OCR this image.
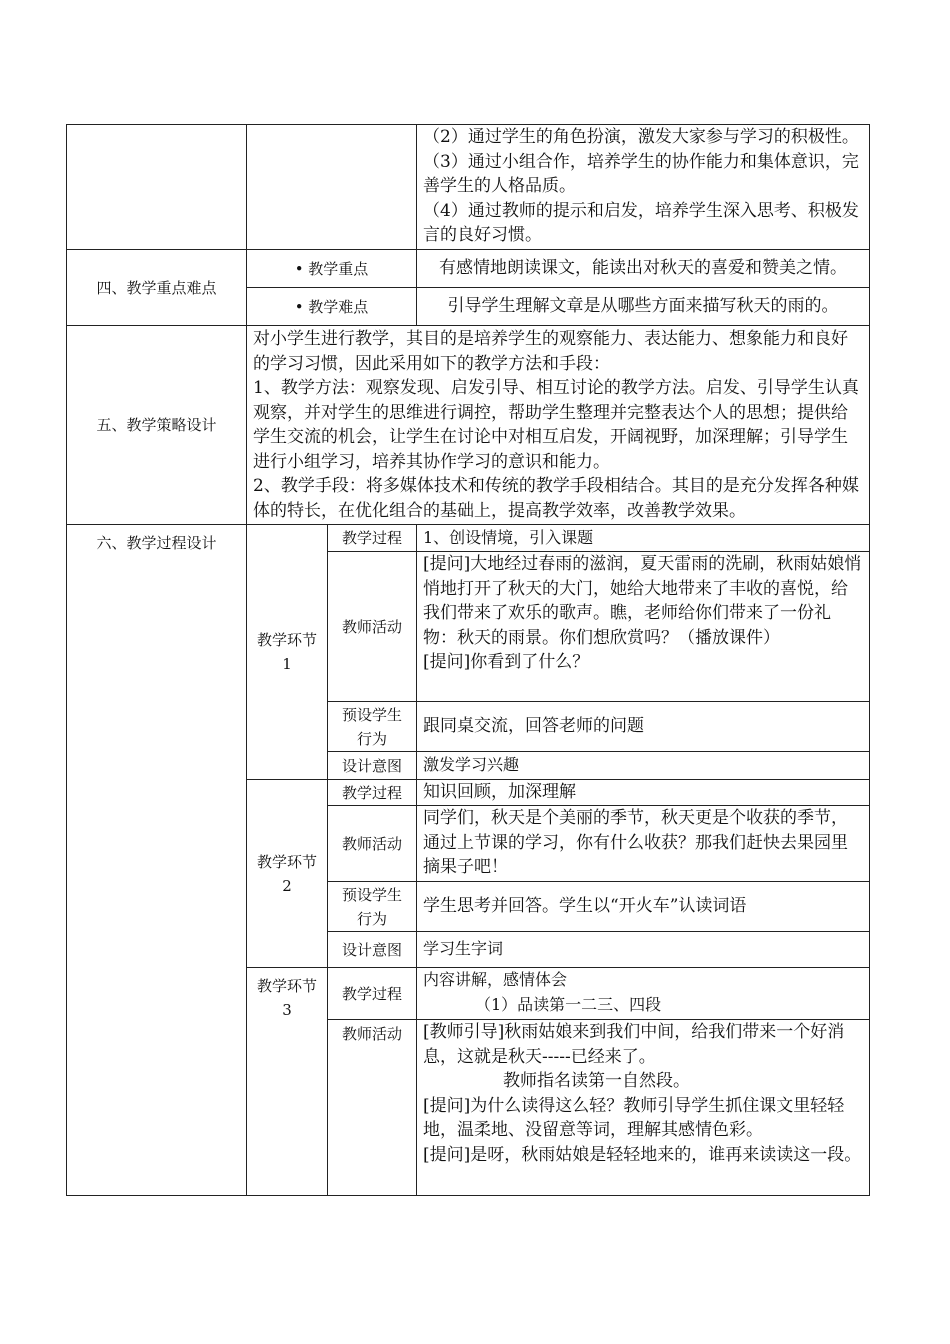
			（2）通过学生的角色扮演，激发大家参与学习的积极性。
（3）通过小组合作，培养学生的协作能力和集体意识，完善学生的人格品质。
（4）通过教师的提示和启发，培养学生深入思考、积极发言的良好习惯。

四、教学重点难点	• 教学重点		有感情地朗读课文，能读出对秋天的喜爱和赞美之情。
	• 教学难点		引导学生理解文章是从哪些方面来描写秋天的雨的。
五、教学策略设计	对小学生进行教学，其目的是培养学生的观察能力、表达能力、想象能力和良好的学习习惯，因此采用如下的教学方法和手段：
1、教学方法：观察发现、启发引导、相互讨论的教学方法。启发、引导学生认真观察，并对学生的思维进行调控，帮助学生整理并完整表达个人的思想；提供给学生交流的机会，让学生在讨论中对相互启发，开阔视野，加深理解；引导学生进行小组学习，培养其协作学习的意识和能力。
2、教学手段：将多媒体技术和传统的教学手段相结合。其目的是充分发挥各种媒体的特长，在优化组合的基础上，提高教学效率，改善教学效果。		

六、教学过程设计	教学环节 1	教学过程	1、创设情境，引入课题
		教师活动	[提问]大地经过春雨的滋润，夏天雷雨的洗刷，秋雨姑娘悄悄地打开了秋天的大门，她给大地带来了丰收的喜悦，给我们带来了欢乐的歌声。瞧，老师给你们带来了一份礼物：秋天的雨景。你们想欣赏吗？（播放课件）
[提问]你看到了什么？

		预设学生行为	跟同桌交流，回答老师的问题
		设计意图	激发学习兴趣
	教学环节 2	教学过程	知识回顾，加深理解
		教师活动	同学们，秋天是个美丽的季节，秋天更是个收获的季节，通过上节课的学习，你有什么收获？那我们赶快去果园里摘果子吧！
		预设学生行为	学生思考并回答。学生以“开火车”认读词语
		设计意图	学习生字词
	教学环节 3	教学过程	内容讲解，感情体会
（1）品读第一二三、四段

		教师活动	[教师引导]秋雨姑娘来到我们中间，给我们带来一个好消息，这就是秋天-----已经来了。
教师指名读第一自然段。
[提问]为什么读得这么轻？教师引导学生抓住课文里轻轻地，温柔地、没留意等词，理解其感情色彩。
[提问]是呀，秋雨姑娘是轻轻地来的，谁再来读读这一段。
